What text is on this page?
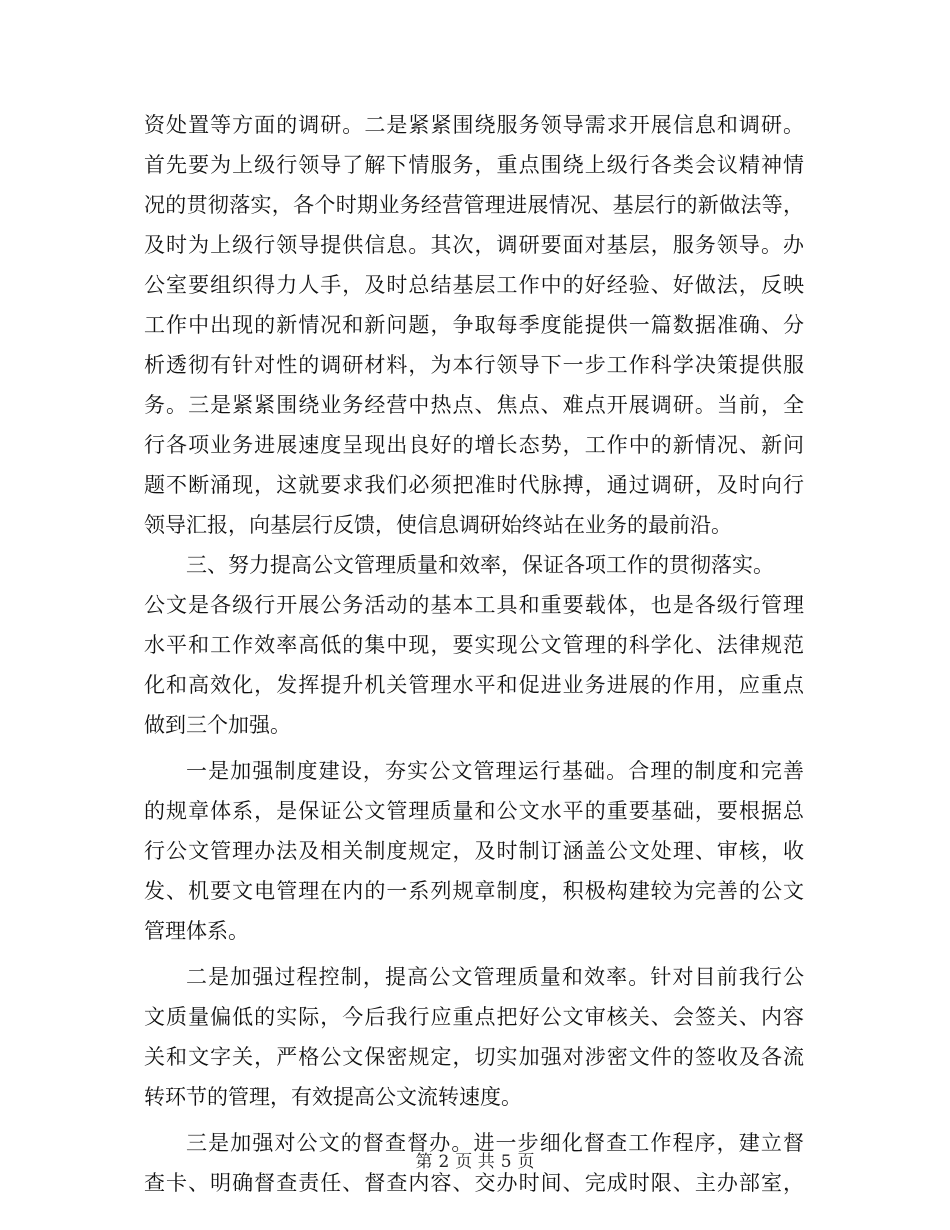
资处置等方面的调研。二是紧紧围绕服务领导需求开展信息和调研。
首先要为上级行领导了解下情服务，重点围绕上级行各类会议精神情
况的贯彻落实，各个时期业务经营管理进展情况、基层行的新做法等，
及时为上级行领导提供信息。其次，调研要面对基层，服务领导。办
公室要组织得力人手，及时总结基层工作中的好经验、好做法，反映
工作中出现的新情况和新问题，争取每季度能提供一篇数据准确、分
析透彻有针对性的调研材料，为本行领导下一步工作科学决策提供服
务。三是紧紧围绕业务经营中热点、焦点、难点开展调研。当前，全
行各项业务进展速度呈现出良好的增长态势，工作中的新情况、新问
题不断涌现，这就要求我们必须把准时代脉搏，通过调研，及时向行
领导汇报，向基层行反馈，使信息调研始终站在业务的最前沿。
三、努力提高公文管理质量和效率，保证各项工作的贯彻落实。
公文是各级行开展公务活动的基本工具和重要载体，也是各级行管理
水平和工作效率高低的集中现，要实现公文管理的科学化、法律规范
化和高效化，发挥提升机关管理水平和促进业务进展的作用，应重点
做到三个加强。
一是加强制度建设，夯实公文管理运行基础。合理的制度和完善
的规章体系，是保证公文管理质量和公文水平的重要基础，要根据总
行公文管理办法及相关制度规定，及时制订涵盖公文处理、审核，收
发、机要文电管理在内的一系列规章制度，积极构建较为完善的公文
管理体系。
二是加强过程控制，提高公文管理质量和效率。针对目前我行公
文质量偏低的实际，今后我行应重点把好公文审核关、会签关、内容
关和文字关，严格公文保密规定，切实加强对涉密文件的签收及各流
转环节的管理，有效提高公文流转速度。
三是加强对公文的督查督办。进一步细化督查工作程序，建立督
查卡、明确督查责任、督查内容、交办时间、完成时限、主办部室，
第 2 页 共 5 页
